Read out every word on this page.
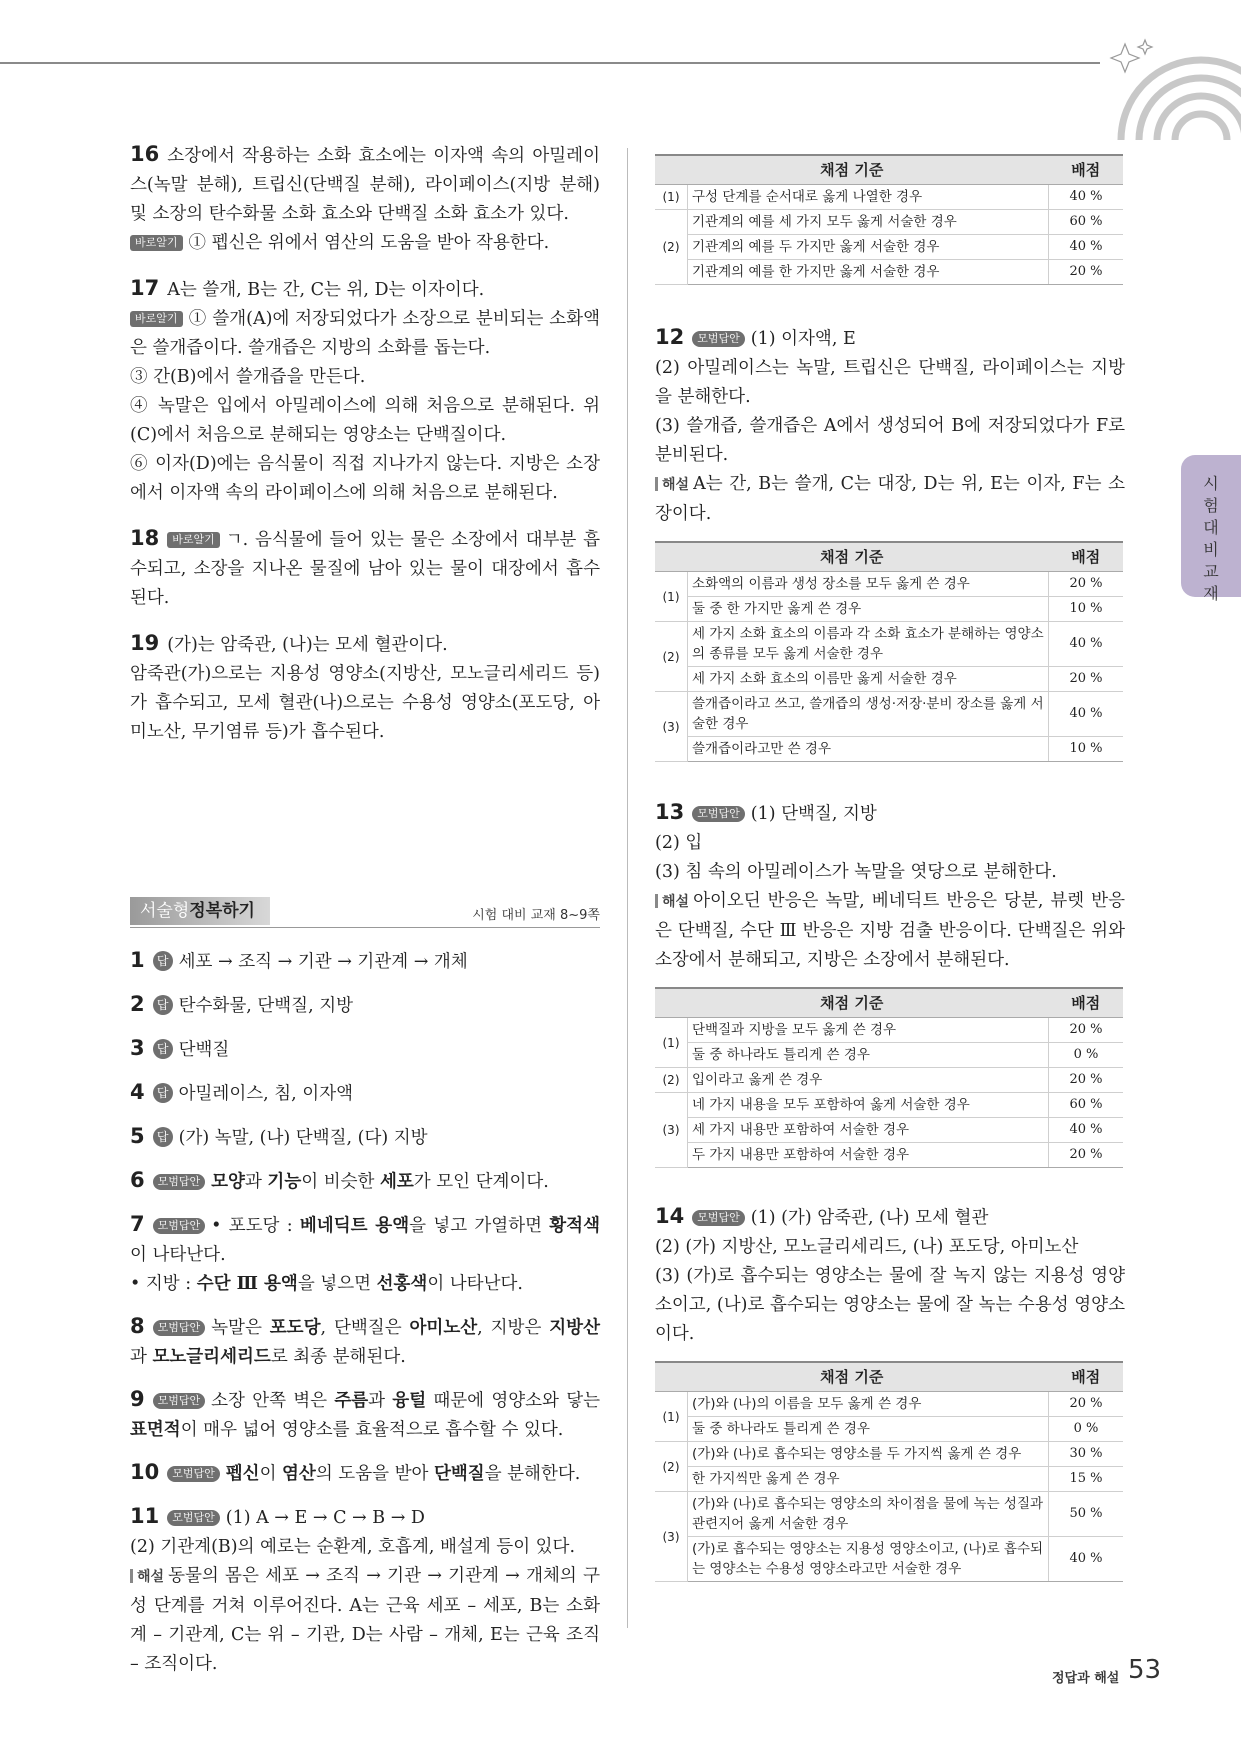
16 소장에서 작용하는 소화 효소에는 이자액 속의 아밀레이스(녹말 분해), 트립신(단백질 분해), 라이페이스(지방 분해) 및 소장의 탄수화물 소화 효소와 단백질 소화 효소가 있다.

바로알기 ① 펩신은 위에서 염산의 도움을 받아 작용한다.

17 A는 쓸개, B는 간, C는 위, D는 이자이다.

바로알기 ① 쓸개(A)에 저장되었다가 소장으로 분비되는 소화액은 쓸개즙이다. 쓸개즙은 지방의 소화를 돕는다.

③ 간(B)에서 쓸개즙을 만든다.

④ 녹말은 입에서 아밀레이스에 의해 처음으로 분해된다. 위(C)에서 처음으로 분해되는 영양소는 단백질이다.

⑥ 이자(D)에는 음식물이 직접 지나가지 않는다. 지방은 소장에서 이자액 속의 라이페이스에 의해 처음으로 분해된다.

18 바로알기 ㄱ. 음식물에 들어 있는 물은 소장에서 대부분 흡수되고, 소장을 지나온 물질에 남아 있는 물이 대장에서 흡수된다.

19 (가)는 암죽관, (나)는 모세 혈관이다.

암죽관(가)으로는 지용성 영양소(지방산, 모노글리세리드 등)가 흡수되고, 모세 혈관(나)으로는 수용성 영양소(포도당, 아미노산, 무기염류 등)가 흡수된다.

서술형정복하기	시험 대비 교재 8~9쪽

1 답 세포 → 조직 → 기관 → 기관계 → 개체

2 답 탄수화물, 단백질, 지방

3 답 단백질

4 답 아밀레이스, 침, 이자액

5 답 (가) 녹말, (나) 단백질, (다) 지방

6 모범답안 모양과 기능이 비슷한 세포가 모인 단계이다.

7 모범답안 • 포도당 : 베네딕트 용액을 넣고 가열하면 황적색이 나타난다.
• 지방 : 수단 Ⅲ 용액을 넣으면 선홍색이 나타난다.

8 모범답안 녹말은 포도당, 단백질은 아미노산, 지방은 지방산과 모노글리세리드로 최종 분해된다.

9 모범답안 소장 안쪽 벽은 주름과 융털 때문에 영양소와 닿는 표면적이 매우 넓어 영양소를 효율적으로 흡수할 수 있다.

10 모범답안 펩신이 염산의 도움을 받아 단백질을 분해한다.

11 모범답안 (1) A → E → C → B → D

(2) 기관계(B)의 예로는 순환계, 호흡계, 배설계 등이 있다.

해설 동물의 몸은 세포 → 조직 → 기관 → 기관계 → 개체의 구성 단계를 거쳐 이루어진다. A는 근육 세포 – 세포, B는 소화계 – 기관계, C는 위 – 기관, D는 사람 – 개체, E는 근육 조직 – 조직이다.

채점 기준		배점
(1)	구성 단계를 순서대로 옳게 나열한 경우	40 %
(2)	기관계의 예를 세 가지 모두 옳게 서술한 경우	60 %
	기관계의 예를 두 가지만 옳게 서술한 경우	40 %
	기관계의 예를 한 가지만 옳게 서술한 경우	20 %

12 모범답안 (1) 이자액, E

(2) 아밀레이스는 녹말, 트립신은 단백질, 라이페이스는 지방을 분해한다.

(3) 쓸개즙, 쓸개즙은 A에서 생성되어 B에 저장되었다가 F로 분비된다.

해설 A는 간, B는 쓸개, C는 대장, D는 위, E는 이자, F는 소장이다.

채점 기준		배점
(1)	소화액의 이름과 생성 장소를 모두 옳게 쓴 경우	20 %
	둘 중 한 가지만 옳게 쓴 경우	10 %
(2)	세 가지 소화 효소의 이름과 각 소화 효소가 분해하는 영양소의 종류를 모두 옳게 서술한 경우	40 %
	세 가지 소화 효소의 이름만 옳게 서술한 경우	20 %
(3)	쓸개즙이라고 쓰고, 쓸개즙의 생성·저장·분비 장소를 옳게 서술한 경우	40 %
	쓸개즙이라고만 쓴 경우	10 %

13 모범답안 (1) 단백질, 지방

(2) 입

(3) 침 속의 아밀레이스가 녹말을 엿당으로 분해한다.

해설 아이오딘 반응은 녹말, 베네딕트 반응은 당분, 뷰렛 반응은 단백질, 수단 Ⅲ 반응은 지방 검출 반응이다. 단백질은 위와 소장에서 분해되고, 지방은 소장에서 분해된다.

채점 기준		배점
(1)	단백질과 지방을 모두 옳게 쓴 경우	20 %
	둘 중 하나라도 틀리게 쓴 경우	0 %
(2)	입이라고 옳게 쓴 경우	20 %
(3)	네 가지 내용을 모두 포함하여 옳게 서술한 경우	60 %
	세 가지 내용만 포함하여 서술한 경우	40 %
	두 가지 내용만 포함하여 서술한 경우	20 %

14 모범답안 (1) (가) 암죽관, (나) 모세 혈관

(2) (가) 지방산, 모노글리세리드, (나) 포도당, 아미노산

(3) (가)로 흡수되는 영양소는 물에 잘 녹지 않는 지용성 영양소이고, (나)로 흡수되는 영양소는 물에 잘 녹는 수용성 영양소이다.

채점 기준		배점
(1)	(가)와 (나)의 이름을 모두 옳게 쓴 경우	20 %
	둘 중 하나라도 틀리게 쓴 경우	0 %
(2)	(가)와 (나)로 흡수되는 영양소를 두 가지씩 옳게 쓴 경우	30 %
	한 가지씩만 옳게 쓴 경우	15 %
(3)	(가)와 (나)로 흡수되는 영양소의 차이점을 물에 녹는 성질과 관련지어 옳게 서술한 경우	50 %
	(가)로 흡수되는 영양소는 지용성 영양소이고, (나)로 흡수되는 영양소는 수용성 영양소라고만 서술한 경우	40 %
시험 대비 교재
정답과 해설 53
